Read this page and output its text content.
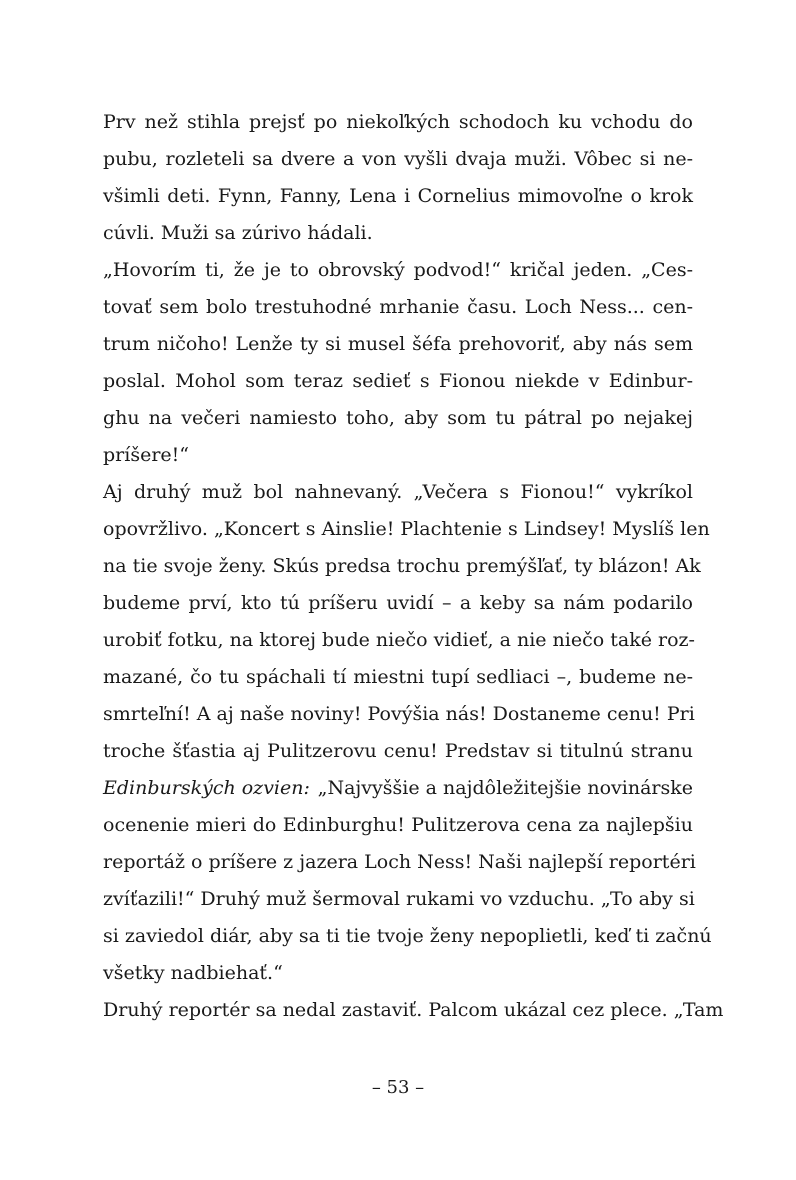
Prv než stihla prejsť po niekoľkých schodoch ku vchodu do
pubu, rozleteli sa dvere a von vyšli dvaja muži. Vôbec si ne-
všimli deti. Fynn, Fanny, Lena i Cornelius mimovoľne o krok
cúvli. Muži sa zúrivo hádali.
„Hovorím ti, že je to obrovský podvod!“ kričal jeden. „Ces-
tovať sem bolo trestuhodné mrhanie času. Loch Ness... cen-
trum ničoho! Lenže ty si musel šéfa prehovoriť, aby nás sem
poslal. Mohol som teraz sedieť s Fionou niekde v Edinbur-
ghu na večeri namiesto toho, aby som tu pátral po nejakej
príšere!“
Aj druhý muž bol nahnevaný. „Večera s Fionou!“ vykríkol
opovržlivo. „Koncert s Ainslie! Plachtenie s Lindsey! Myslíš len
na tie svoje ženy. Skús predsa trochu premýšľať, ty blázon! Ak
budeme prví, kto tú príšeru uvidí – a keby sa nám podarilo
urobiť fotku, na ktorej bude niečo vidieť, a nie niečo také roz-
mazané, čo tu spáchali tí miestni tupí sedliaci –, budeme ne-
smrteľní! A aj naše noviny! Povýšia nás! Dostaneme cenu! Pri
troche šťastia aj Pulitzerovu cenu! Predstav si titulnú stranu
Edinburských ozvien: „Najvyššie a najdôležitejšie novinárske
ocenenie mieri do Edinburghu! Pulitzerova cena za najlepšiu
reportáž o príšere z jazera Loch Ness! Naši najlepší reportéri
zvíťazili!“ Druhý muž šermoval rukami vo vzduchu. „To aby si
si zaviedol diár, aby sa ti tie tvoje ženy nepoplietli, keď ti začnú
všetky nadbiehať.“
Druhý reportér sa nedal zastaviť. Palcom ukázal cez plece. „Tam
– 53 –
